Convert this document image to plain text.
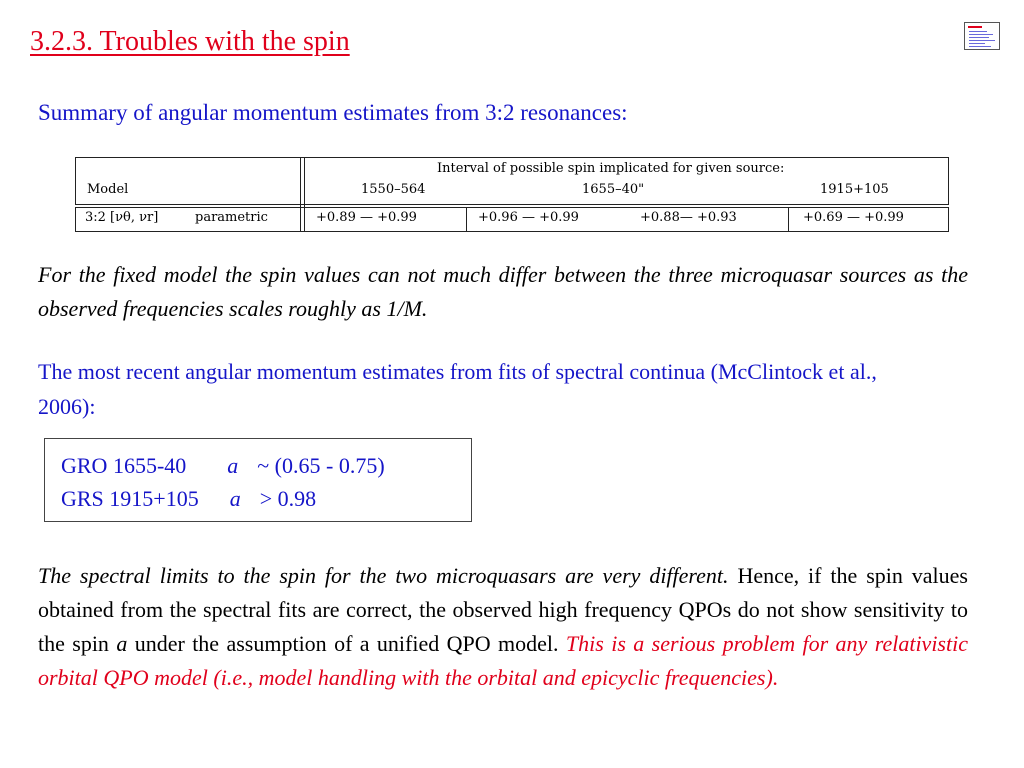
3.2.3. Troubles with the spin
Summary of angular momentum estimates from 3:2 resonances:
Interval of possible spin implicated for given source:
Model	1550–564	1655–40"	1915+105
3:2 [νθ, νr]	parametric	+0.89 — +0.99	+0.96 — +0.99	+0.88— +0.93	+0.69 — +0.99
For the fixed model the spin values can not much differ between the three microquasar sources as the observed frequencies scales roughly as 1/M.
The most recent angular momentum estimates from fits of spectral continua (McClintock et al., 2006):
GRO 1655-40 a ~ (0.65 - 0.75)
GRS 1915+105 a > 0.98
The spectral limits to the spin for the two microquasars are very different. Hence, if the spin values obtained from the spectral fits are correct, the observed high frequency QPOs do not show sensitivity to the spin a under the assumption of a unified QPO model. This is a serious problem for any relativistic orbital QPO model (i.e., model handling with the orbital and epicyclic frequencies).
